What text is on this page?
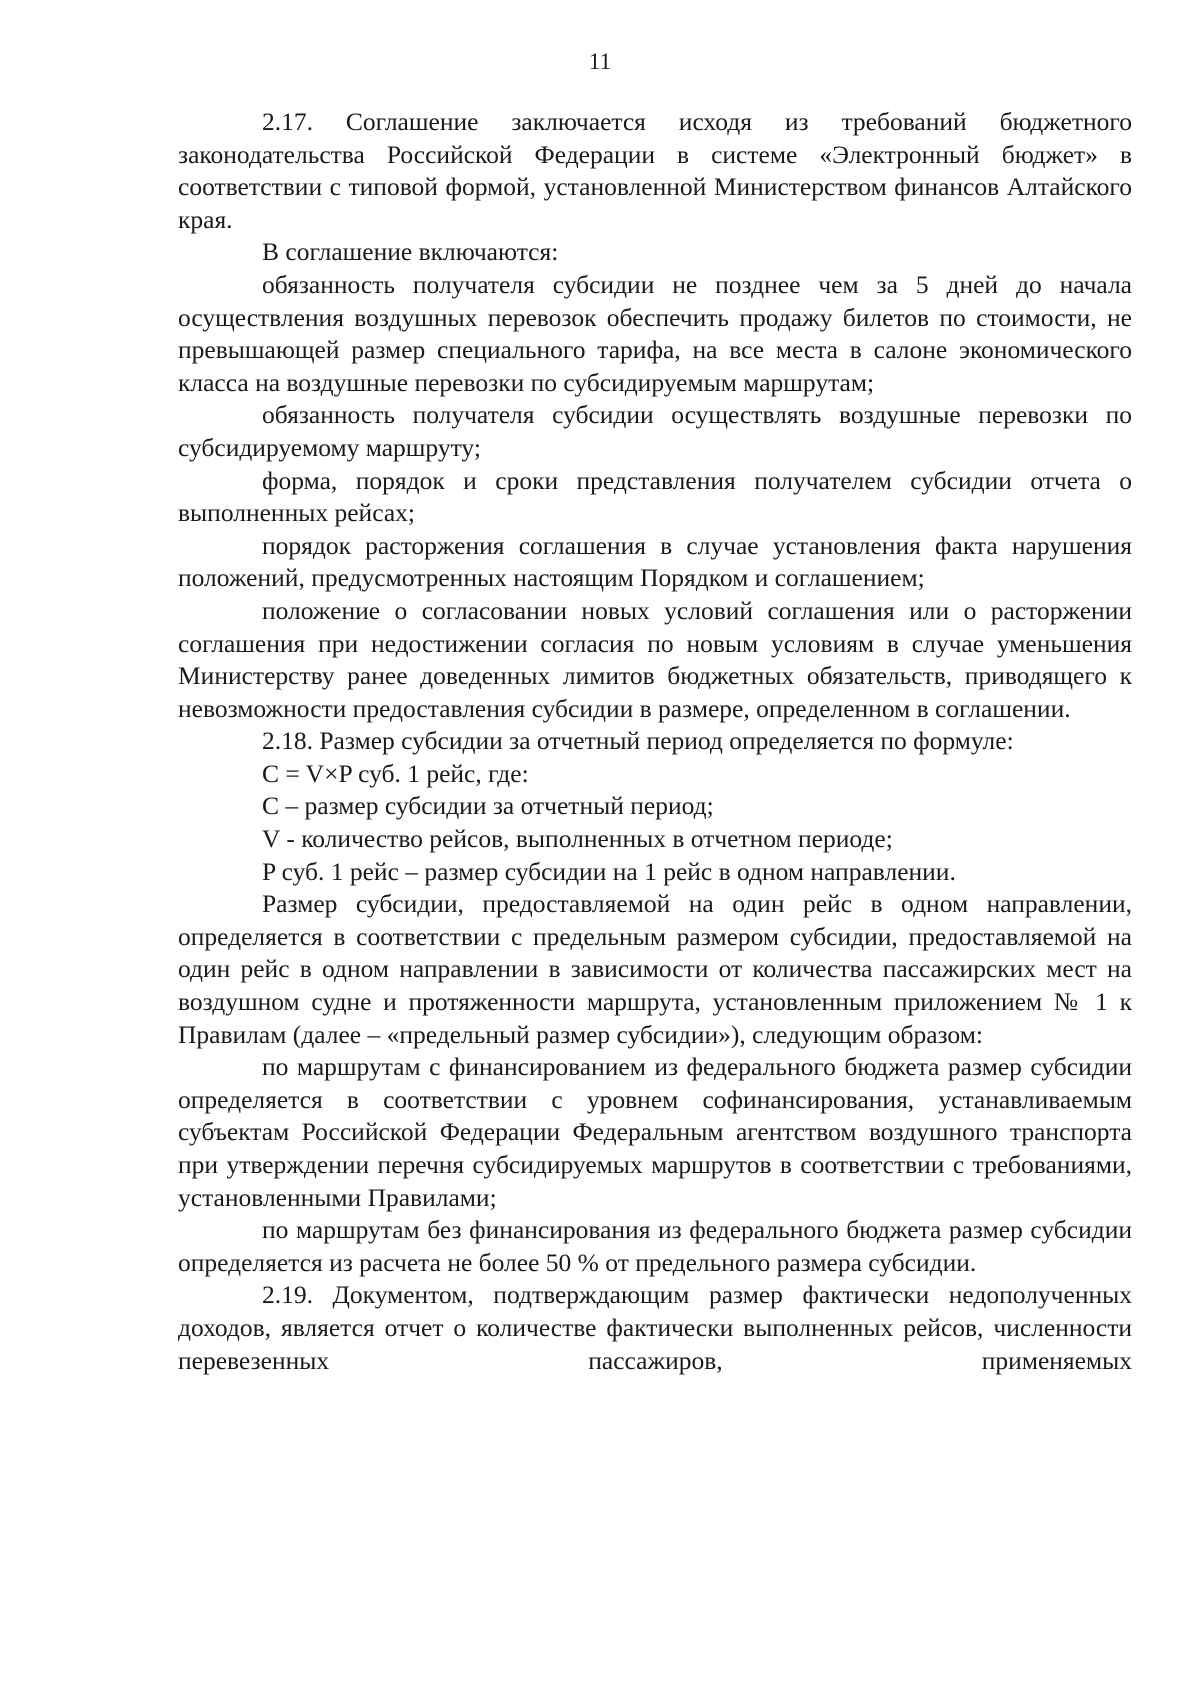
11

2.17. Соглашение заключается исходя из требований бюджетного законодательства Российской Федерации в системе «Электронный бюджет» в соответствии с типовой формой, установленной Министерством финансов Алтайского края.

В соглашение включаются:

обязанность получателя субсидии не позднее чем за 5 дней до начала осуществления воздушных перевозок обеспечить продажу билетов по стоимости, не превышающей размер специального тарифа, на все места в салоне экономического класса на воздушные перевозки по субсидируемым маршрутам;

обязанность получателя субсидии осуществлять воздушные перевозки по субсидируемому маршруту;

форма, порядок и сроки представления получателем субсидии отчета о выполненных рейсах;

порядок расторжения соглашения в случае установления факта нарушения положений, предусмотренных настоящим Порядком и соглашением;

положение о согласовании новых условий соглашения или о расторжении соглашения при недостижении согласия по новым условиям в случае уменьшения Министерству ранее доведенных лимитов бюджетных обязательств, приводящего к невозможности предоставления субсидии в размере, определенном в соглашении.

2.18. Размер субсидии за отчетный период определяется по формуле:

C = V×P суб. 1 рейс, где:

C – размер субсидии за отчетный период;

V - количество рейсов, выполненных в отчетном периоде;

P суб. 1 рейс – размер субсидии на 1 рейс в одном направлении.

Размер субсидии, предоставляемой на один рейс в одном направлении, определяется в соответствии с предельным размером субсидии, предоставляемой на один рейс в одном направлении в зависимости от количества пассажирских мест на воздушном судне и протяженности маршрута, установленным приложением № 1 к Правилам (далее – «предельный размер субсидии»), следующим образом:

по маршрутам с финансированием из федерального бюджета размер субсидии определяется в соответствии с уровнем софинансирования, устанавливаемым субъектам Российской Федерации Федеральным агентством воздушного транспорта при утверждении перечня субсидируемых маршрутов в соответствии с требованиями, установленными Правилами;

по маршрутам без финансирования из федерального бюджета размер субсидии определяется из расчета не более 50 % от предельного размера субсидии.

2.19. Документом, подтверждающим размер фактически недополученных доходов, является отчет о количестве фактически выполненных рейсов, численности перевезенных пассажиров, применяемых
